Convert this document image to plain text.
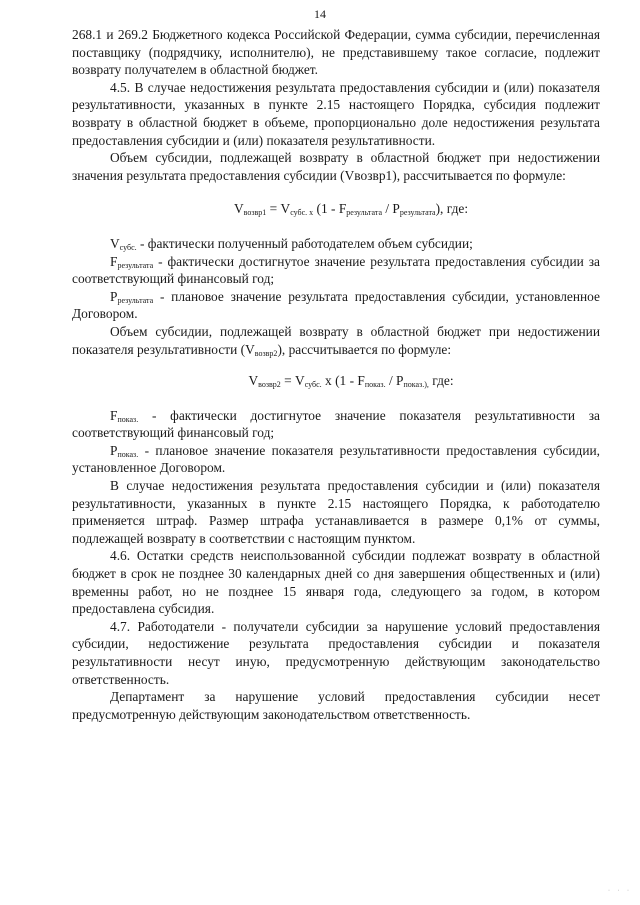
14

268.1 и 269.2 Бюджетного кодекса Российской Федерации, сумма субсидии, перечисленная поставщику (подрядчику, исполнителю), не представившему такое согласие, подлежит возврату получателем в областной бюджет.

4.5. В случае недостижения результата предоставления субсидии и (или) показателя результативности, указанных в пункте 2.15 настоящего Порядка, субсидия подлежит возврату в областной бюджет в объеме, пропорционально доле недостижения результата предоставления субсидии и (или) показателя результативности.

Объем субсидии, подлежащей возврату в областной бюджет при недостижении значения результата предоставления субсидии (Vвозвр1), рассчитывается по формуле:

$V_{возвр1} = V_{субс. х}$ $(1 - F_{результата} / P_{результата})$, где:

$V_{субс.}$ - фактически полученный работодателем объем субсидии;

$F_{результата}$ - фактически достигнутое значение результата предоставления субсидии за соответствующий финансовый год;

$P_{результата}$ - плановое значение результата предоставления субсидии, установленное Договором.

Объем субсидии, подлежащей возврату в областной бюджет при недостижении показателя результативности $(V_{возвр2})$, рассчитывается по формуле:

$V_{возвр2} = V_{субс.}$ х ($1 - F_{показ.} / P_{показ.),}$ где:

$F_{показ.}$ - фактически достигнутое значение показателя результативности за соответствующий финансовый год;

$P_{показ.}$ - плановое значение показателя результативности предоставления субсидии, установленное Договором.

В случае недостижения результата предоставления субсидии и (или) показателя результативности, указанных в пункте 2.15 настоящего Порядка, к работодателю применяется штраф. Размер штрафа устанавливается в размере 0,1% от суммы, подлежащей возврату в соответствии с настоящим пунктом.

4.6. Остатки средств неиспользованной субсидии подлежат возврату в областной бюджет в срок не позднее 30 календарных дней со дня завершения общественных и (или) временны работ, но не позднее 15 января года, следующего за годом, в котором предоставлена субсидия.

4.7. Работодатели - получатели субсидии за нарушение условий предоставления субсидии, недостижение результата предоставления субсидии и показателя результативности несут иную, предусмотренную действующим законодательство ответственность.

Департамент за нарушение условий предоставления субсидии несет предусмотренную действующим законодательством ответственность.

· · ·
